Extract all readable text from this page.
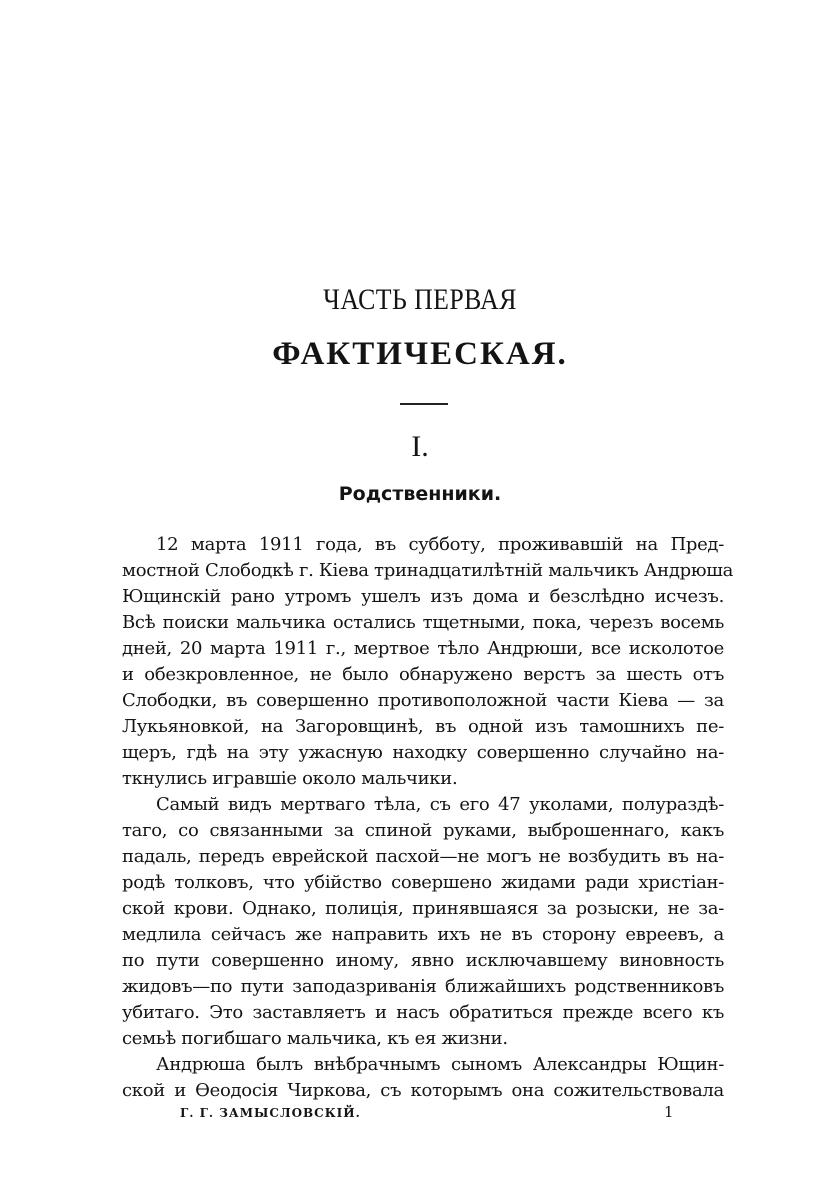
ЧАСТЬ ПЕРВАЯ
ФАКТИЧЕСКАЯ.
I.
Родственники.
12 марта 1911 года, въ субботу, проживавшій на Пред-
мостной Слободкѣ г. Кіева тринадцатилѣтній мальчикъ Андрюша
Ющинскій рано утромъ ушелъ изъ дома и безслѣдно исчезъ.
Всѣ поиски мальчика остались тщетными, пока, черезъ восемь
дней, 20 марта 1911 г., мертвое тѣло Андрюши, все исколотое
и обезкровленное, не было обнаружено верстъ за шесть отъ
Слободки, въ совершенно противоположной части Кіева — за
Лукьяновкой, на Загоровщинѣ, въ одной изъ тамошнихъ пе-
щеръ, гдѣ на эту ужасную находку совершенно случайно на-
ткнулись игравшіе около мальчики.
Самый видъ мертваго тѣла, съ его 47 уколами, полураздѣ-
таго, со связанными за спиной руками, выброшеннаго, какъ
падаль, передъ еврейской пасхой—не могъ не возбудить въ на-
родѣ толковъ, что убійство совершено жидами ради христіан-
ской крови. Однако, полиція, принявшаяся за розыски, не за-
медлила сейчасъ же направить ихъ не въ сторону евреевъ, а
по пути совершенно иному, явно исключавшему виновность
жидовъ—по пути заподазриванія ближайшихъ родственниковъ
убитаго. Это заставляетъ и насъ обратиться прежде всего къ
семьѣ погибшаго мальчика, къ ея жизни.
Андрюша былъ внѣбрачнымъ сыномъ Александры Ющин-
ской и Ѳеодосія Чиркова, съ которымъ она сожительствовала
Г. Г. ЗАМЫСЛОВСКІЙ.	1
